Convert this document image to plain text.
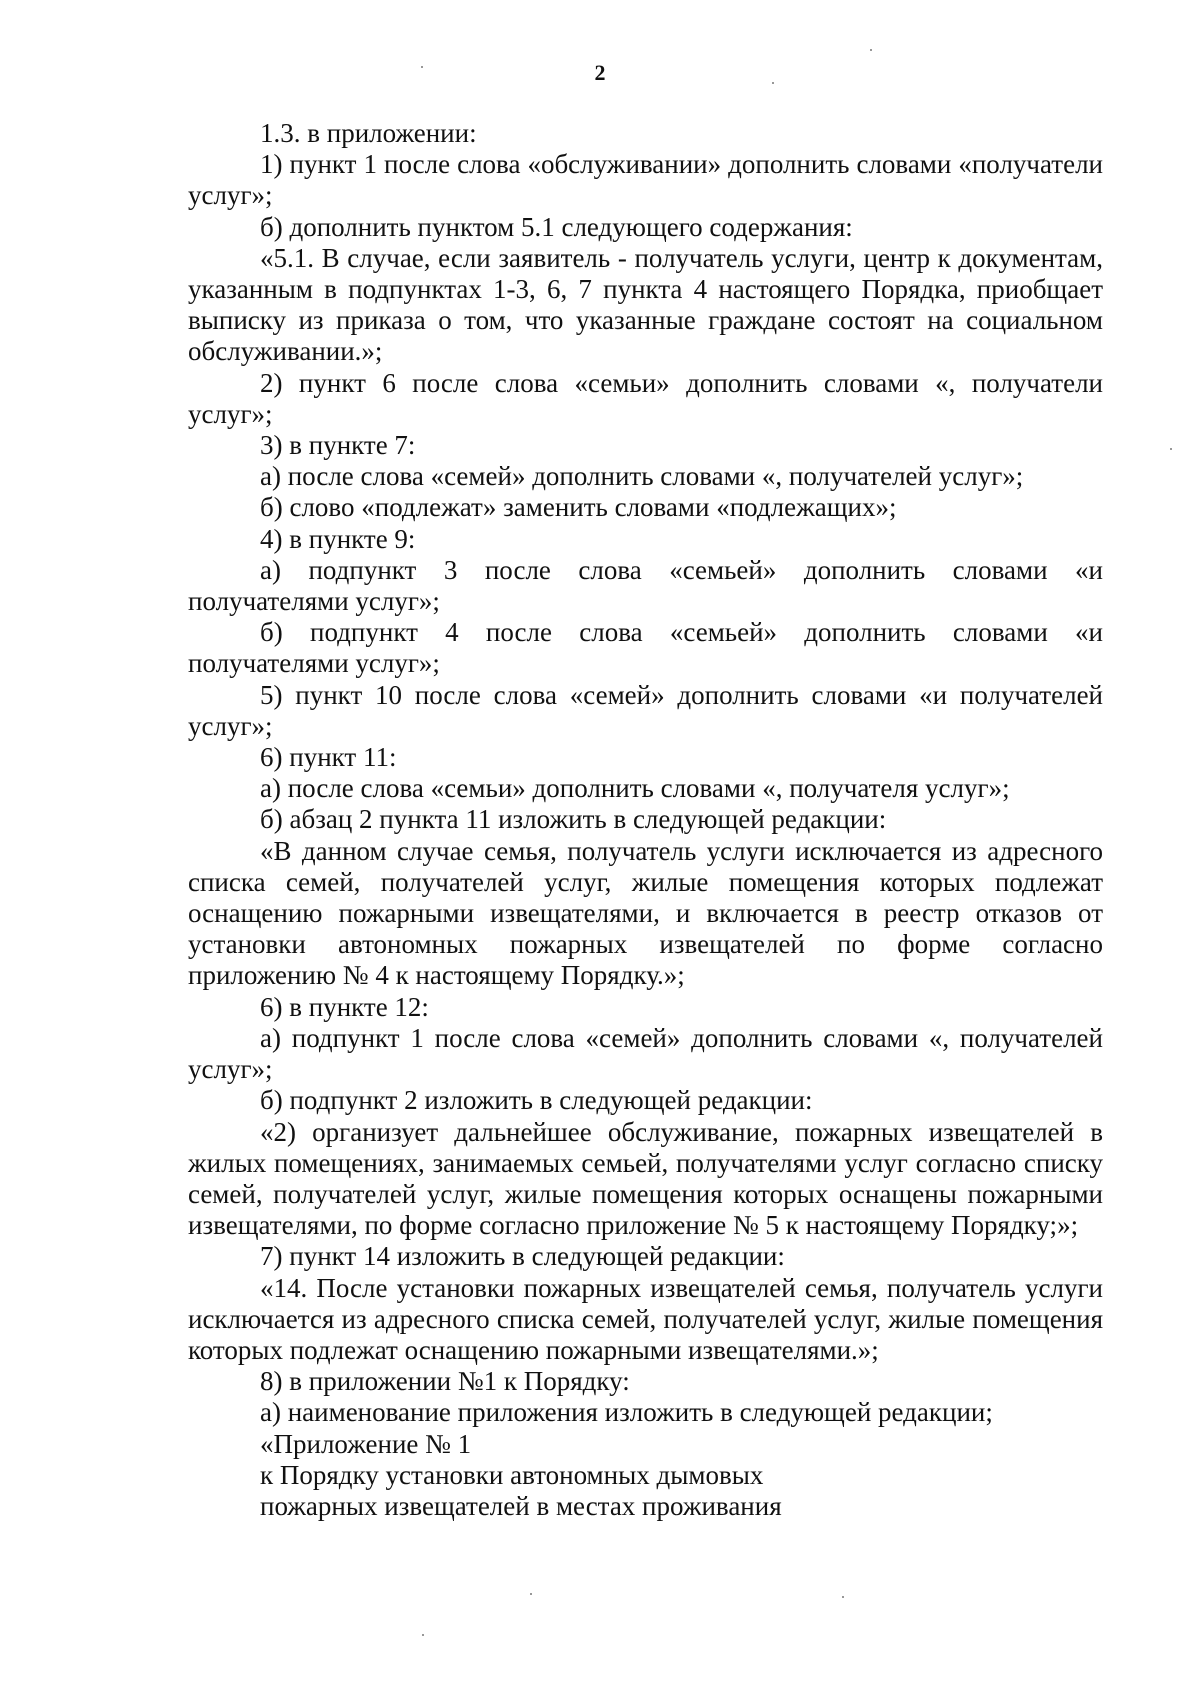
2

1.3. в приложении:

1) пункт 1 после слова «обслуживании» дополнить словами «получатели услуг»;

б) дополнить пунктом 5.1 следующего содержания:

«5.1. В случае, если заявитель - получатель услуги, центр к документам, указанным в подпунктах 1-3, 6, 7 пункта 4 настоящего Порядка, приобщает выписку из приказа о том, что указанные граждане состоят на социальном обслуживании.»;

2) пункт 6 после слова «семьи» дополнить словами «, получатели услуг»;

3) в пункте 7:

а) после слова «семей» дополнить словами «, получателей услуг»;

б) слово «подлежат» заменить словами «подлежащих»;

4) в пункте 9:

а) подпункт 3 после слова «семьей» дополнить словами «и получателями услуг»;

б) подпункт 4 после слова «семьей» дополнить словами «и получателями услуг»;

5) пункт 10 после слова «семей» дополнить словами «и получателей услуг»;

6) пункт 11:

а) после слова «семьи» дополнить словами «, получателя услуг»;

б) абзац 2 пункта 11 изложить в следующей редакции:

«В данном случае семья, получатель услуги исключается из адресного списка семей, получателей услуг, жилые помещения которых подлежат оснащению пожарными извещателями, и включается в реестр отказов от установки автономных пожарных извещателей по форме согласно приложению № 4 к настоящему Порядку.»;

6) в пункте 12:

а) подпункт 1 после слова «семей» дополнить словами «, получателей услуг»;

б) подпункт 2 изложить в следующей редакции:

«2) организует дальнейшее обслуживание, пожарных извещателей в жилых помещениях, занимаемых семьей, получателями услуг согласно списку семей, получателей услуг, жилые помещения которых оснащены пожарными извещателями, по форме согласно приложение № 5 к настоящему Порядку;»;

7) пункт 14 изложить в следующей редакции:

«14. После установки пожарных извещателей семья, получатель услуги исключается из адресного списка семей, получателей услуг, жилые помещения которых подлежат оснащению пожарными извещателями.»;

8) в приложении №1 к Порядку:

а) наименование приложения изложить в следующей редакции;

«Приложение № 1

к Порядку установки автономных дымовых

пожарных извещателей в местах проживания
